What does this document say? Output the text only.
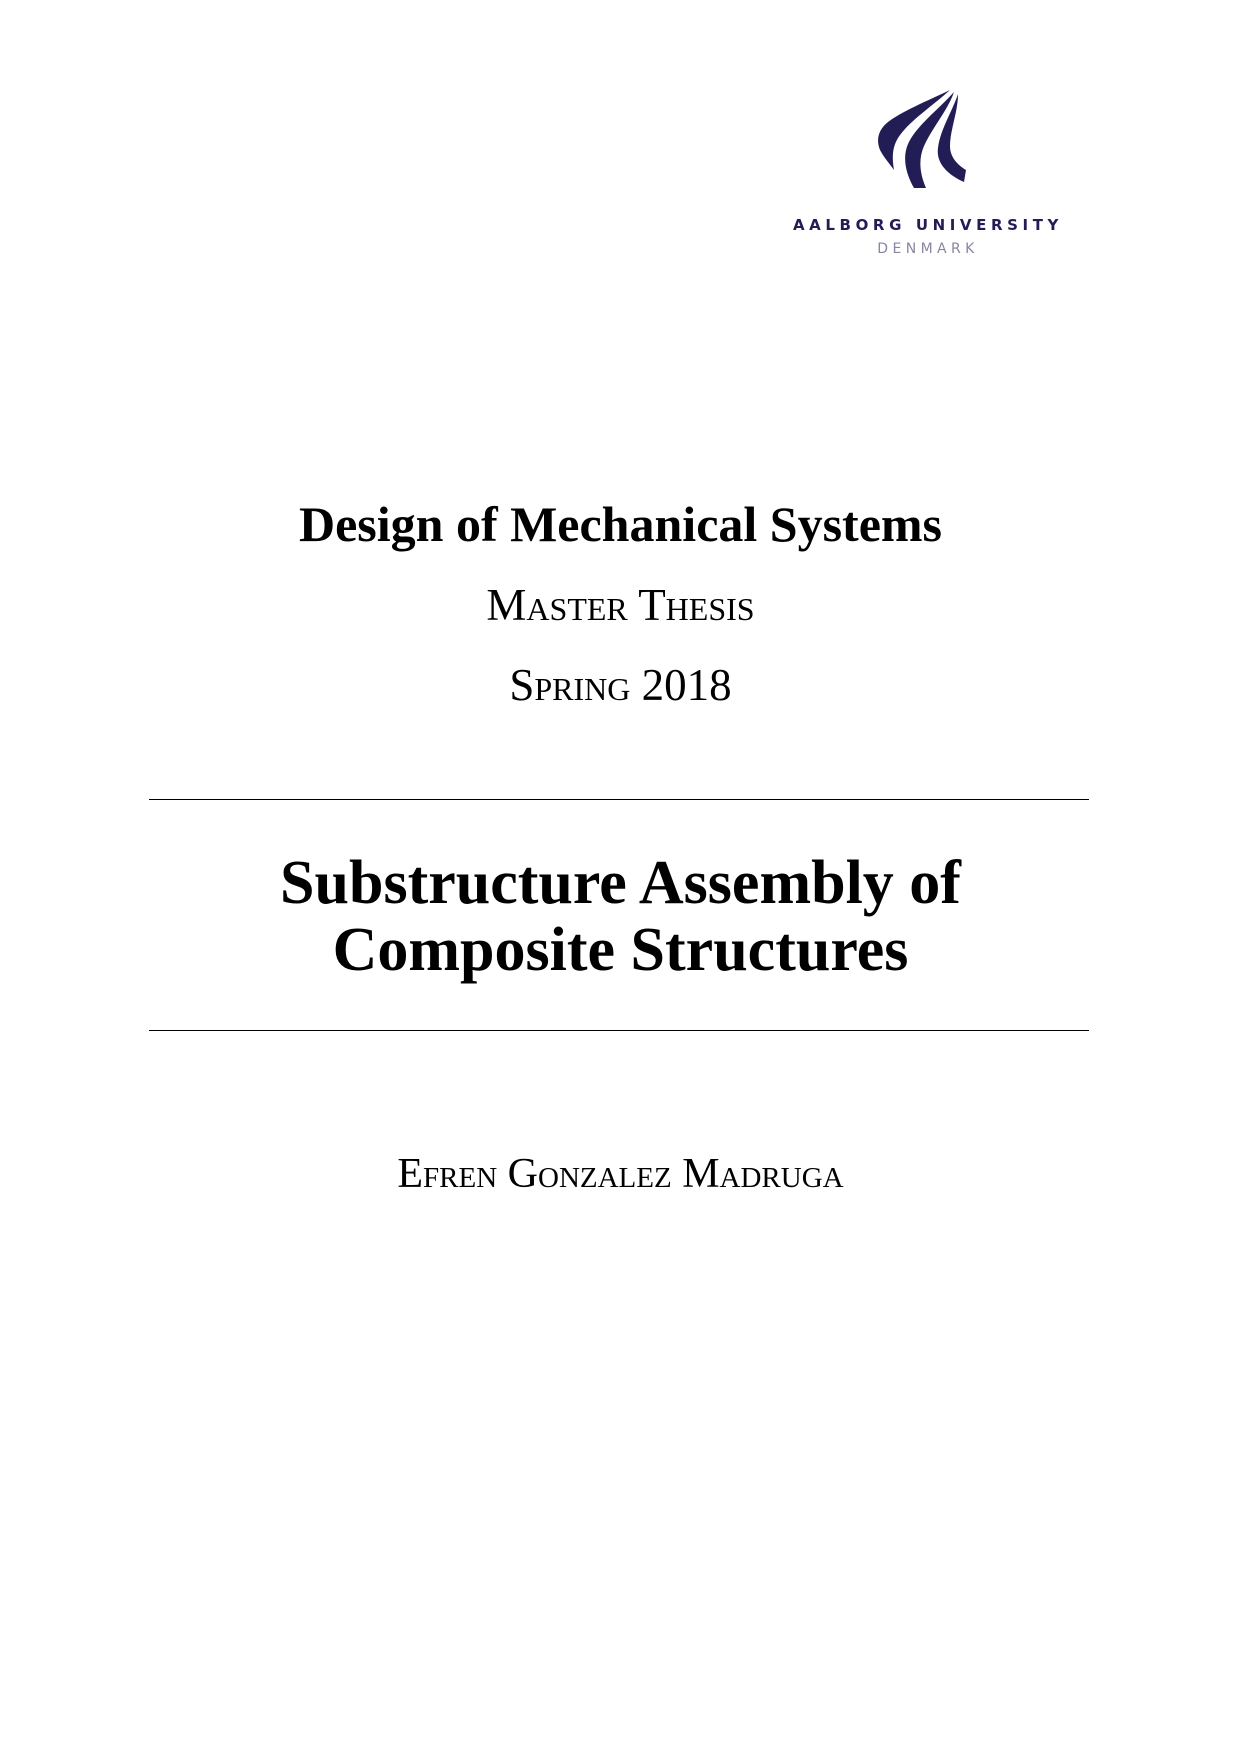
AALBORG UNIVERSITY
DENMARK
Design of Mechanical Systems
Master Thesis
Spring 2018
Substructure Assembly of
Composite Structures
Efren Gonzalez Madruga
